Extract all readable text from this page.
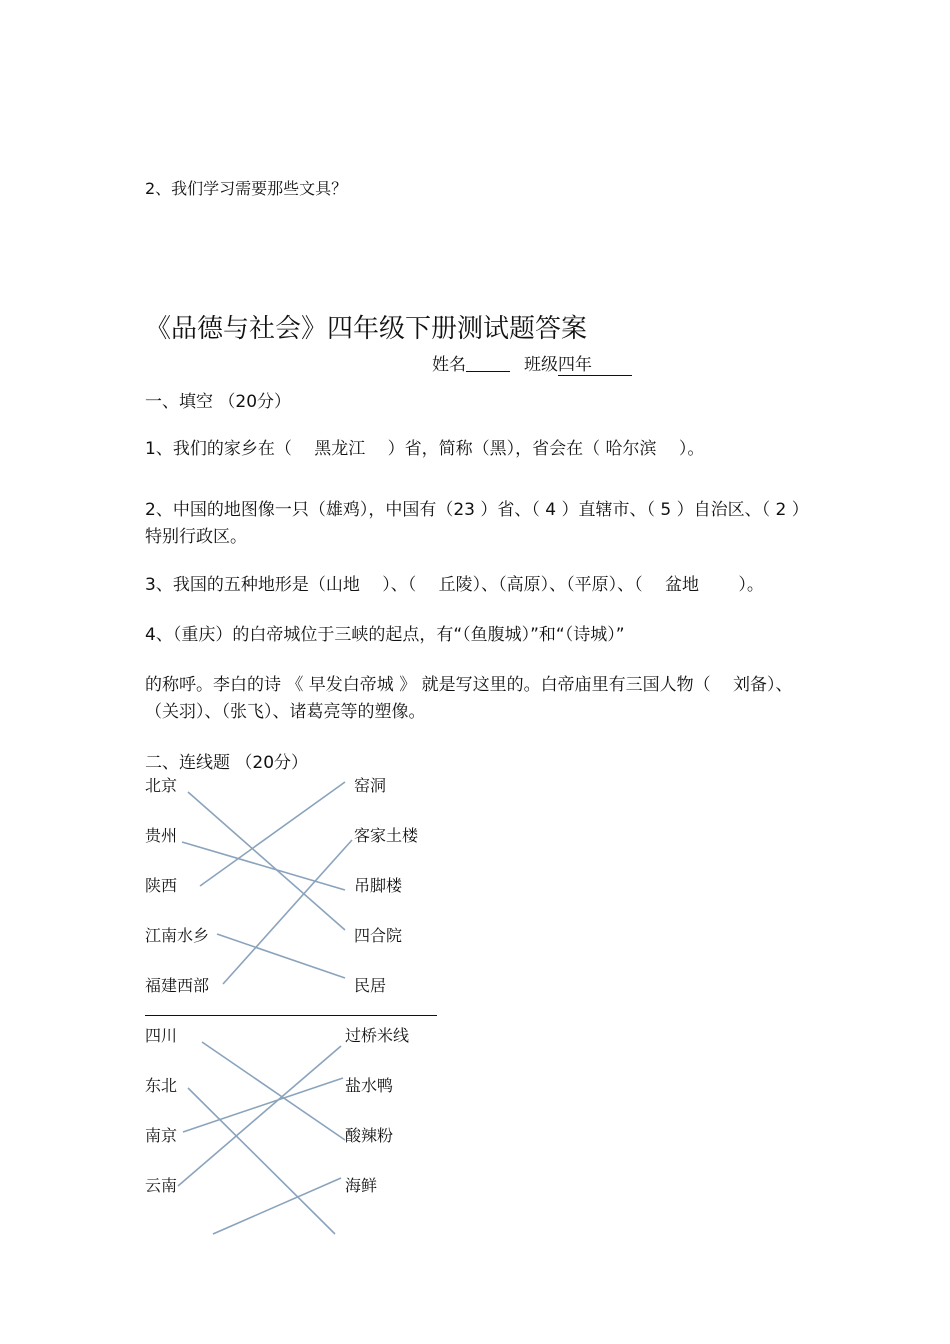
2、我们学习需要那些文具？
《品德与社会》四年级下册测试题答案
姓名	班级四年
一、填空 （20分）
1、我们的家乡在（　 黑龙江　 ）省，简称（黑），省会在（ 哈尔滨　 ）。
2、中国的地图像一只（雄鸡），中国有（23 ）省、（ 4 ）直辖市、（ 5 ）自治区、（ 2 ）特别行政区。
3、我国的五种地形是（山地　 ）、（　 丘陵）、（高原）、（平原）、（　 盆地　　 ）。
4、（重庆）的白帝城位于三峡的起点，有“（鱼腹城）”和“（诗城）”
的称呼。李白的诗 《 早发白帝城 》 就是写这里的。白帝庙里有三国人物（　 刘备）、（关羽）、（张飞）、诸葛亮等的塑像。
二、连线题 （20分）
北京
贵州
陕西
江南水乡
福建西部
窑洞
客家土楼
吊脚楼
四合院
民居
四川
东北
南京
云南
过桥米线
盐水鸭
酸辣粉
海鲜
